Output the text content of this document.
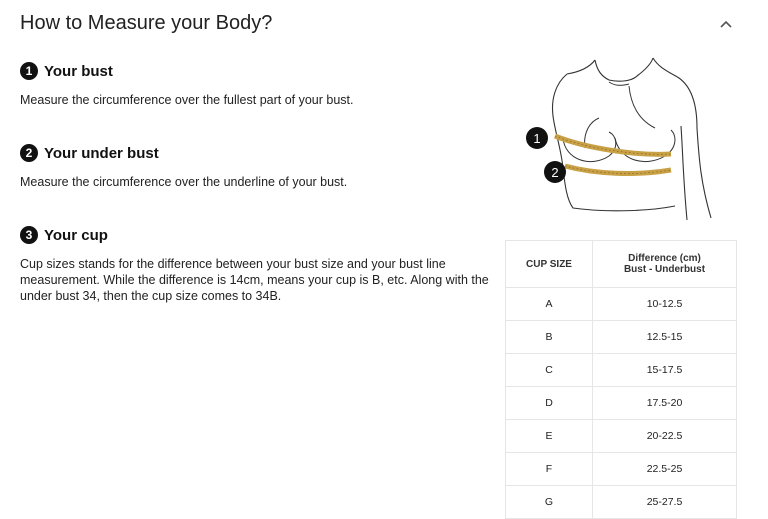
How to Measure your Body?
1 Your bust
Measure the circumference over the fullest part of your bust.
2 Your under bust
Measure the circumference over the underline of your bust.
3 Your cup
Cup sizes stands for the difference between your bust size and your bust line measurement. While the difference is 14cm, means your cup is B, etc. Along with the under bust 34, then the cup size comes to 34B.
1
2
CUP SIZE	Difference (cm)
Bust - Underbust

A	10-12.5
B	12.5-15
C	15-17.5
D	17.5-20
E	20-22.5
F	22.5-25
G	25-27.5
